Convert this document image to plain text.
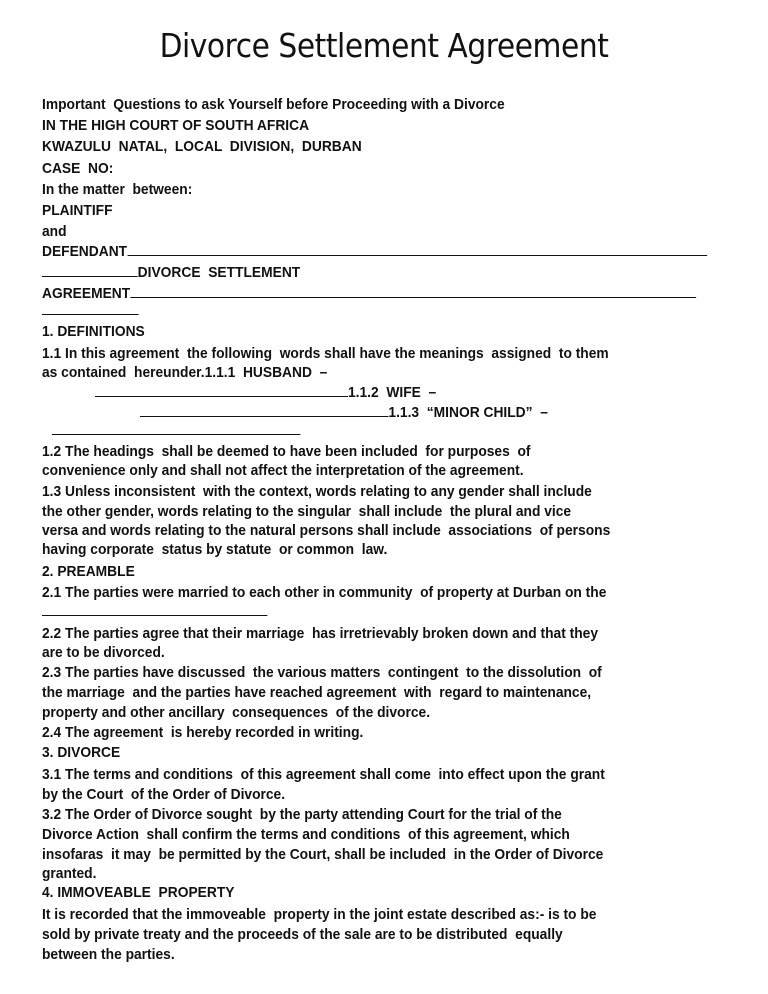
Divorce Settlement Agreement
Important  Questions to ask Yourself before Proceeding with a Divorce
IN THE HIGH COURT OF SOUTH AFRICA
KWAZULU  NATAL,  LOCAL  DIVISION,  DURBAN
CASE  NO:
In the matter  between:
PLAINTIFF
and
DEFENDANT
DIVORCE  SETTLEMENT
AGREEMENT
1. DEFINITIONS
1.1 In this agreement  the following  words shall have the meanings  assigned  to them
as contained  hereunder.1.1.1  HUSBAND  –
1.1.2  WIFE  –
1.1.3  “MINOR CHILD”  –
1.2 The headings  shall be deemed to have been included  for purposes  of
convenience only and shall not affect the interpretation of the agreement.
1.3 Unless inconsistent  with the context, words relating to any gender shall include
the other gender, words relating to the singular  shall include  the plural and vice
versa and words relating to the natural persons shall include  associations  of persons
having corporate  status by statute  or common  law.
2. PREAMBLE
2.1 The parties were married to each other in community  of property at Durban on the
2.2 The parties agree that their marriage  has irretrievably broken down and that they
are to be divorced.
2.3 The parties have discussed  the various matters  contingent  to the dissolution  of
the marriage  and the parties have reached agreement  with  regard to maintenance,
property and other ancillary  consequences  of the divorce.
2.4 The agreement  is hereby recorded in writing.
3. DIVORCE
3.1 The terms and conditions  of this agreement shall come  into effect upon the grant
by the Court  of the Order of Divorce.
3.2 The Order of Divorce sought  by the party attending Court for the trial of the
Divorce Action  shall confirm the terms and conditions  of this agreement, which
insofaras  it may  be permitted by the Court, shall be included  in the Order of Divorce
granted.
4. IMMOVEABLE  PROPERTY
It is recorded that the immoveable  property in the joint estate described as:- is to be
sold by private treaty and the proceeds of the sale are to be distributed  equally
between the parties.
